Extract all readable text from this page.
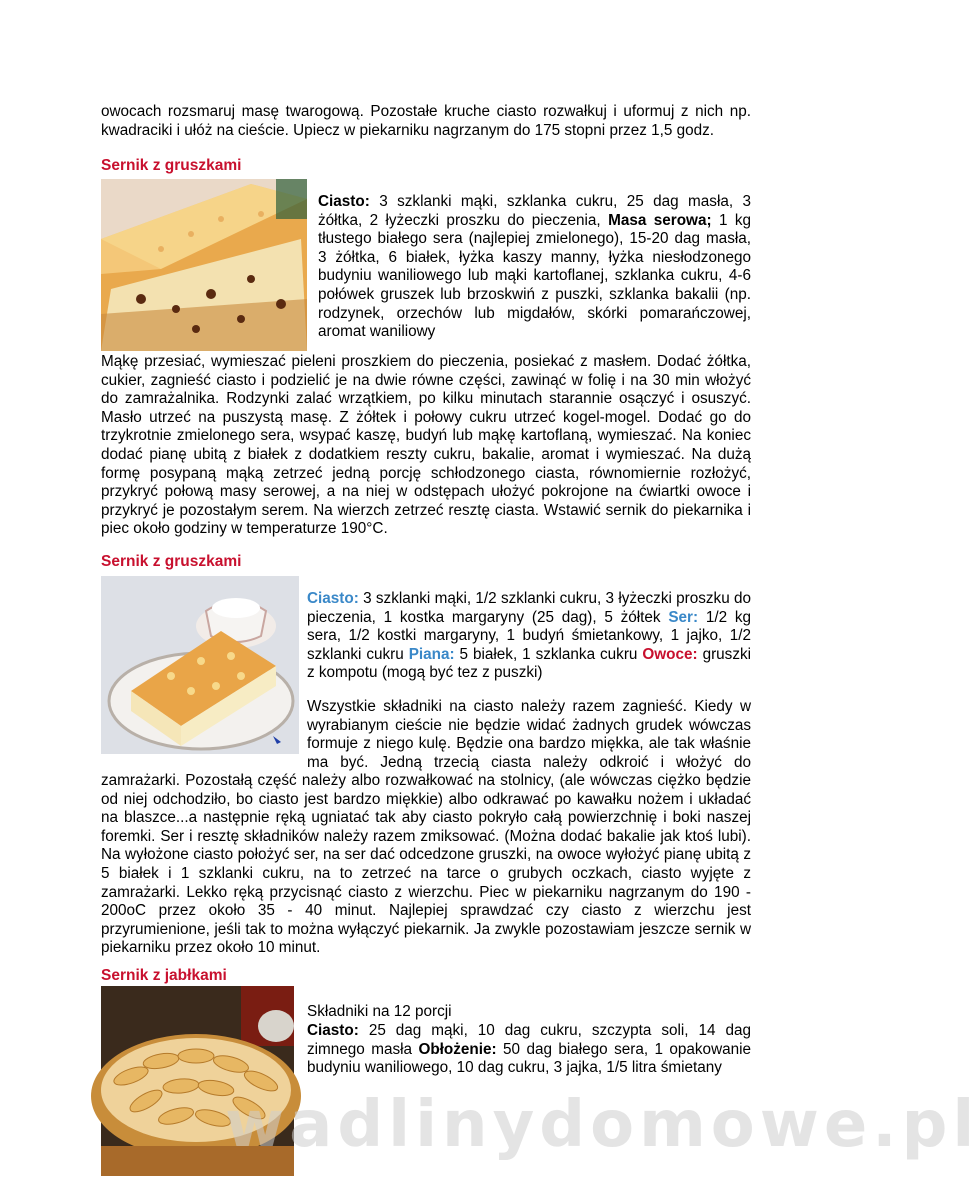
owocach rozsmaruj masę twarogową. Pozostałe kruche ciasto rozwałkuj i uformuj z nich np.

kwadraciki i ułóż na cieście. Upiecz w piekarniku nagrzanym do 175 stopni przez 1,5 godz.

Sernik z gruszkami

Ciasto: 3 szklanki mąki, szklanka cukru, 25 dag masła, 3 żółtka, 2 łyżeczki proszku do pieczenia, Masa serowa; 1 kg tłustego białego sera (najlepiej zmielonego), 15-20 dag masła, 3 żółtka, 6 białek, łyżka kaszy manny, łyżka niesłodzonego budyniu waniliowego lub mąki kartoflanej, szklanka cukru, 4-6 połówek gruszek lub brzoskwiń z puszki, szklanka bakalii (np. rodzynek, orzechów lub migdałów, skórki pomarańczowej, aromat waniliowy

Mąkę przesiać, wymieszać pieleni proszkiem do pieczenia, posiekać z masłem. Dodać żółtka, cukier, zagnieść ciasto i podzielić je na dwie równe części, zawinąć w folię i na 30 min włożyć do zamrażalnika. Rodzynki zalać wrzątkiem, po kilku minutach starannie osączyć i osuszyć. Masło utrzeć na puszystą masę. Z żółtek i połowy cukru utrzeć kogel-mogel. Dodać go do trzykrotnie zmielonego sera, wsypać kaszę, budyń lub mąkę kartoflaną, wymieszać. Na koniec dodać pianę ubitą z białek z dodatkiem reszty cukru, bakalie, aromat i wymieszać. Na dużą formę posypaną mąką zetrzeć jedną porcję schłodzonego ciasta, równomiernie rozłożyć, przykryć połową masy serowej, a na niej w odstępach ułożyć pokrojone na ćwiartki owoce i przykryć je pozostałym serem. Na wierzch zetrzeć resztę ciasta. Wstawić sernik do piekarnika i piec około godziny w temperaturze 190°C.

Sernik z gruszkami

Ciasto: 3 szklanki mąki, 1/2 szklanki cukru, 3 łyżeczki proszku do pieczenia, 1 kostka margaryny (25 dag), 5 żółtek Ser: 1/2 kg sera, 1/2 kostki margaryny, 1 budyń śmietankowy, 1 jajko, 1/2 szklanki cukru Piana: 5 białek, 1 szklanka cukru Owoce: gruszki z kompotu (mogą być tez z puszki)

Wszystkie składniki na ciasto należy razem zagnieść. Kiedy w wyrabianym cieście nie będzie widać żadnych grudek wówczas formuje z niego kulę. Będzie ona bardzo miękka, ale tak właśnie ma być. Jedną trzecią ciasta należy odkroić i włożyć do

zamrażarki. Pozostałą część należy albo rozwałkować na stolnicy, (ale wówczas ciężko będzie od niej odchodziło, bo ciasto jest bardzo miękkie) albo odkrawać po kawałku nożem i układać na blaszce...a następnie ręką ugniatać tak aby ciasto pokryło całą powierzchnię i boki naszej foremki. Ser i resztę składników należy razem zmiksować. (Można dodać bakalie jak ktoś lubi). Na wyłożone ciasto położyć ser, na ser dać odcedzone gruszki, na owoce wyłożyć pianę ubitą z 5 białek i 1 szklanki cukru, na to zetrzeć na tarce o grubych oczkach, ciasto wyjęte z zamrażarki. Lekko ręką przycisnąć ciasto z wierzchu. Piec w piekarniku nagrzanym do 190 - 200oC przez około 35 - 40 minut. Najlepiej sprawdzać czy ciasto z wierzchu jest przyrumienione, jeśli tak to można wyłączyć piekarnik. Ja zwykle pozostawiam jeszcze sernik w piekarniku przez około 10 minut.

Sernik z jabłkami

Składniki na 12 porcji

Ciasto: 25 dag mąki, 10 dag cukru, szczypta soli, 14 dag zimnego masła Obłożenie: 50 dag białego sera, 1 opakowanie budyniu waniliowego, 10 dag cukru, 3 jajka, 1/5 litra śmietany

wadlinydomowe.pl
